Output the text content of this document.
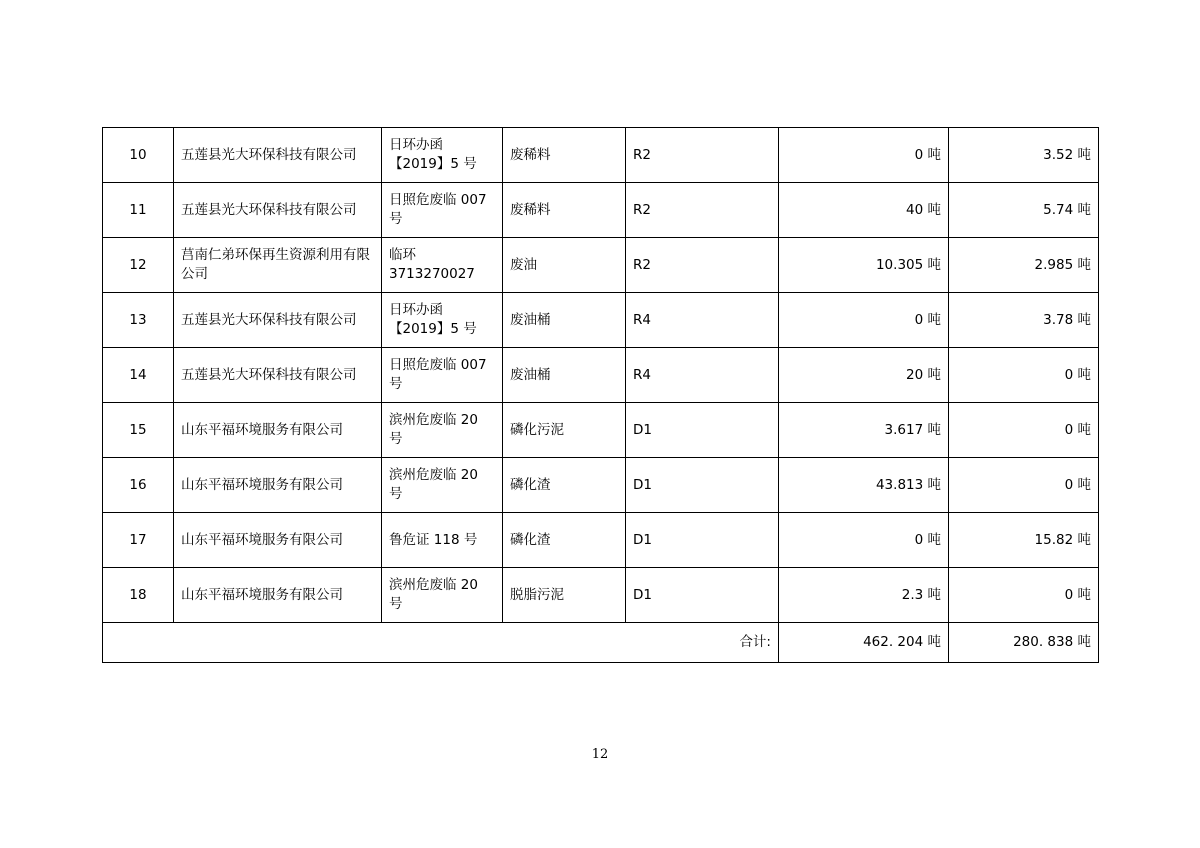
10	五莲县光大环保科技有限公司	日环办函【2019】5 号	废稀料	R2	0 吨	3.52 吨
11	五莲县光大环保科技有限公司	日照危废临 007 号	废稀料	R2	40 吨	5.74 吨
12	莒南仁弟环保再生资源利用有限公司	临环 3713270027	废油	R2	10.305 吨	2.985 吨
13	五莲县光大环保科技有限公司	日环办函【2019】5 号	废油桶	R4	0 吨	3.78 吨
14	五莲县光大环保科技有限公司	日照危废临 007 号	废油桶	R4	20 吨	0 吨
15	山东平福环境服务有限公司	滨州危废临 20 号	磷化污泥	D1	3.617 吨	0 吨
16	山东平福环境服务有限公司	滨州危废临 20 号	磷化渣	D1	43.813 吨	0 吨
17	山东平福环境服务有限公司	鲁危证 118 号	磷化渣	D1	0 吨	15.82 吨
18	山东平福环境服务有限公司	滨州危废临 20 号	脱脂污泥	D1	2.3 吨	0 吨
合计:					462. 204 吨	280. 838 吨
12
